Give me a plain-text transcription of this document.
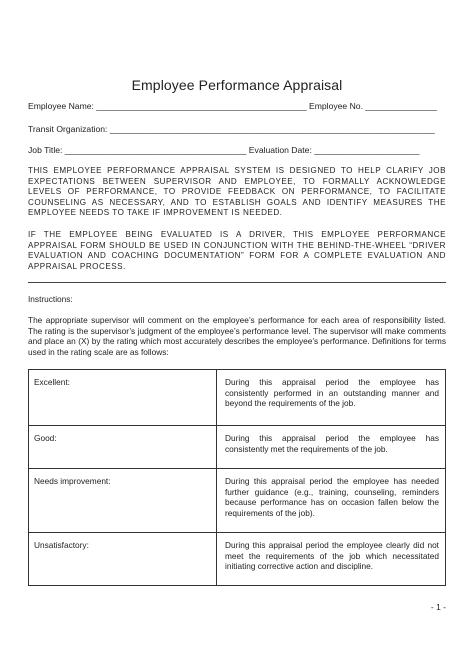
Employee Performance Appraisal
Employee Name: ____________________________________________ Employee No. _______________
Transit Organization: ____________________________________________________________________
Job Title: ______________________________________ Evaluation Date: ______________________
THIS EMPLOYEE PERFORMANCE APPRAISAL SYSTEM IS DESIGNED TO HELP CLARIFY JOB EXPECTATIONS BETWEEN SUPERVISOR AND EMPLOYEE, TO FORMALLY ACKNOWLEDGE LEVELS OF PERFORMANCE, TO PROVIDE FEEDBACK ON PERFORMANCE, TO FACILITATE COUNSELING AS NECESSARY, AND TO ESTABLISH GOALS AND IDENTIFY MEASURES THE EMPLOYEE NEEDS TO TAKE IF IMPROVEMENT IS NEEDED.
IF THE EMPLOYEE BEING EVALUATED IS A DRIVER, THIS EMPLOYEE PERFORMANCE APPRAISAL FORM SHOULD BE USED IN CONJUNCTION WITH THE BEHIND-THE-WHEEL “DRIVER EVALUATION AND COACHING DOCUMENTATION” FORM FOR A COMPLETE EVALUATION AND APPRAISAL PROCESS.
Instructions:
The appropriate supervisor will comment on the employee’s performance for each area of responsibility listed. The rating is the supervisor’s judgment of the employee’s performance level. The supervisor will make comments and place an (X) by the rating which most accurately describes the employee’s performance. Definitions for terms used in the rating scale are as follows:
Excellent:	During this appraisal period the employee has consistently performed in an outstanding manner and beyond the requirements of the job.
Good:	During this appraisal period the employee has consistently met the requirements of the job.
Needs improvement:	During this appraisal period the employee has needed further guidance (e.g., training, counseling, reminders because performance has on occasion fallen below the requirements of the job).
Unsatisfactory:	During this appraisal period the employee clearly did not meet the requirements of the job which necessitated initiating corrective action and discipline.
- 1 -
